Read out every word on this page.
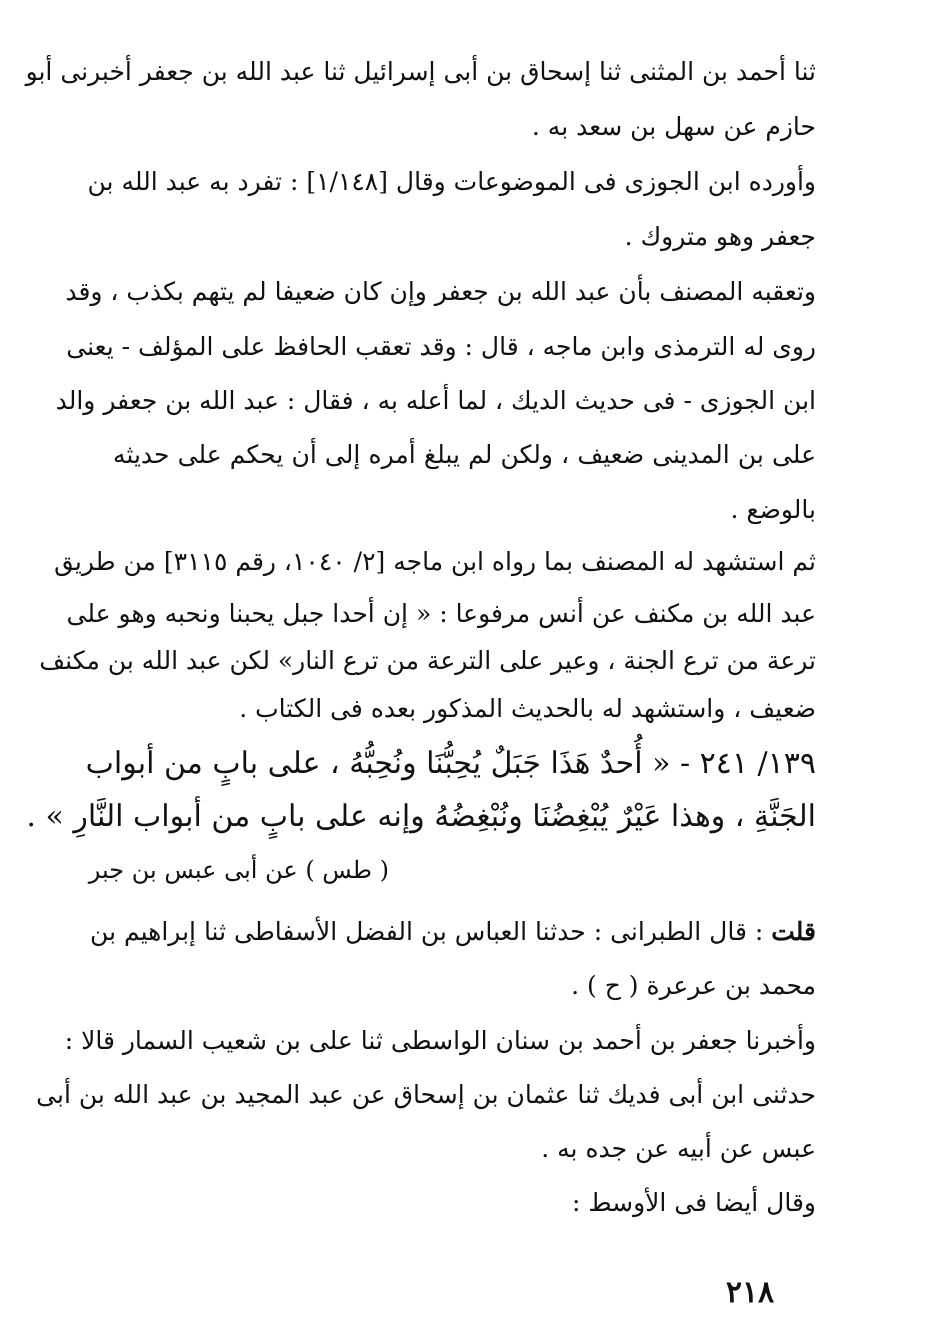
ثنا أحمد بن المثنى ثنا إسحاق بن أبى إسرائيل ثنا عبد الله بن جعفر أخبرنى أبو
حازم عن سهل بن سعد به .
وأورده ابن الجوزى فى الموضوعات وقال [١/١٤٨] : تفرد به عبد الله بن
جعفر وهو متروك .
وتعقبه المصنف بأن عبد الله بن جعفر وإن كان ضعيفا لم يتهم بكذب ، وقد
روى له الترمذى وابن ماجه ، قال : وقد تعقب الحافظ على المؤلف - يعنى
ابن الجوزى - فى حديث الديك ، لما أعله به ، فقال : عبد الله بن جعفر والد
على بن المدينى ضعيف ، ولكن لم يبلغ أمره إلى أن يحكم على حديثه
بالوضع .
ثم استشهد له المصنف بما رواه ابن ماجه [٢/ ١٠٤٠، رقم ٣١١٥] من طريق
عبد الله بن مكنف عن أنس مرفوعا : « إن أحدا جبل يحبنا ونحبه وهو على
ترعة من ترع الجنة ، وعير على الترعة من ترع النار» لكن عبد الله بن مكنف
ضعيف ، واستشهد له بالحديث المذكور بعده فى الكتاب .
١٣٩/ ٢٤١ - « أُحدٌ هَذَا جَبَلٌ يُحِبُّنَا ونُحِبُّهُ ، على بابٍ من أبواب
الجَنَّةِ ، وهذا عَيْرٌ يُبْغِضُنَا ونُبْغِضُهُ وإنه على بابٍ من أبواب النَّارِ » .
( طس ) عن أبى عبس بن جبر
قلت : قال الطبرانى : حدثنا العباس بن الفضل الأسفاطى ثنا إبراهيم بن
محمد بن عرعرة ( ح ) .
وأخبرنا جعفر بن أحمد بن سنان الواسطى ثنا على بن شعيب السمار قالا :
حدثنى ابن أبى فديك ثنا عثمان بن إسحاق عن عبد المجيد بن عبد الله بن أبى
عبس عن أبيه عن جده به .
وقال أيضا فى الأوسط :
٢١٨
